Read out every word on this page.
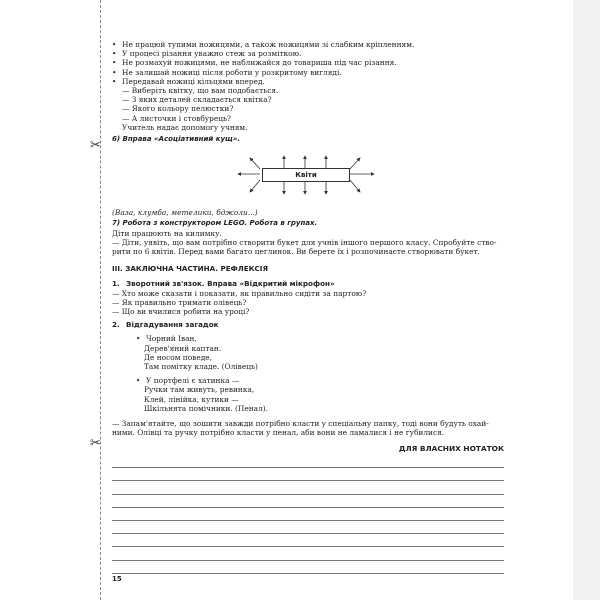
✂
✂
• Не працюй тупими ножицями, а також ножицями зі слабким кріпленням.
• У процесі різання уважно стеж за розміткою.
• Не розмахуй ножицями, не наближайся до товариша під час різання.
• Не залишай ножиці після роботи у розкритому вигляді.
• Передавай ножиці кільцями вперед.
— Виберіть квітку, що вам подобається.
— З яких деталей складається квітка?
— Якого кольору пелюстки?
— А листочки і стовбурець?
Учитель надає допомогу учням.
6) Вправа «Асоціативний кущ».
Квіти
(Ваза, клумба, метелики, бджоли...)
7) Робота з конструктором LEGO. Робота в групах.
Діти працюють на килимку.
— Діти, уявіть, що вам потрібно створити букет для учнів іншого першого класу. Спробуйте ство-
рити по 6 квітів. Перед вами багато цеглинок. Ви берете їх і розпочинаєте створювати букет.
III. ЗАКЛЮЧНА ЧАСТИНА. РЕФЛЕКСІЯ
1. Зворотний зв'язок. Вправа «Відкритий мікрофон»
— Хто може сказати і показати, як правильно сидіти за партою?
— Як правильно тримати олівець?
— Що ви вчилися робити на уроці?
2. Відгадування загадок
• Чорний Іван,
Дерев'яний каптан.
Де носом поведе,
Там помітку кладе. (Олівець)
• У портфелі є хатинка —
Ручки там живуть, ревинка,
Клей, лінійка, кутики —
Шкільнята помічники. (Пенал).
— Запам'ятайте, що зошити завжди потрібно класти у спеціальну папку, тоді вони будуть охай-
ними. Олівці та ручку потрібно класти у пенал, аби вони не ламалися і не губилися.
ДЛЯ ВЛАСНИХ НОТАТОК
15
